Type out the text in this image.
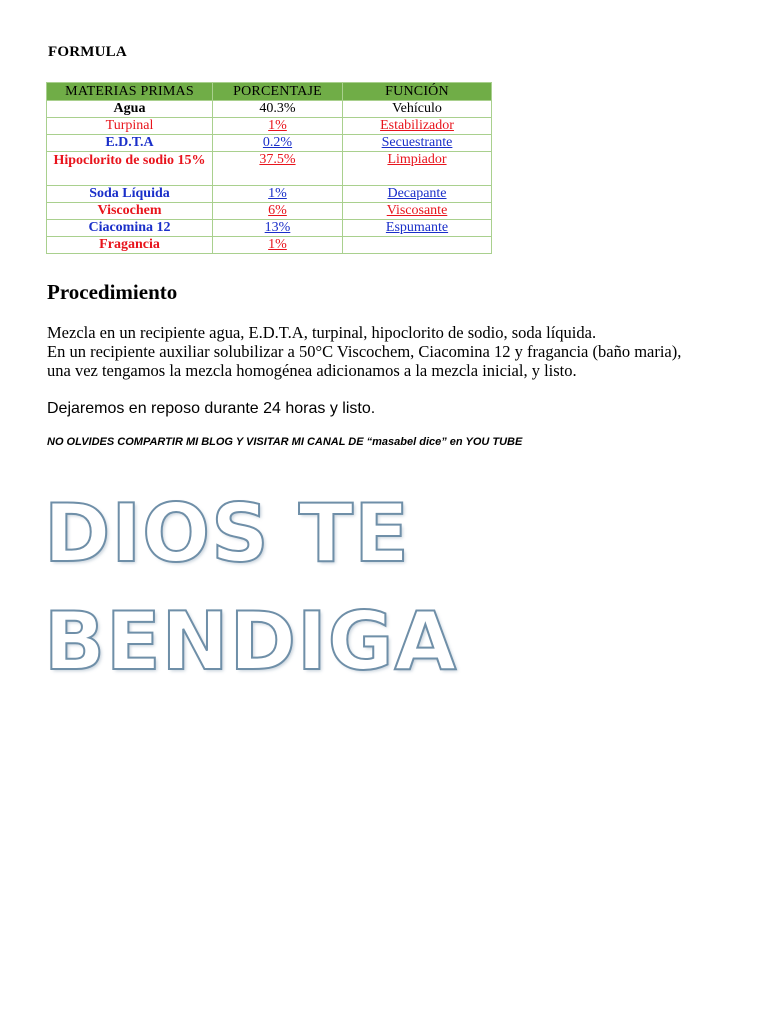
FORMULA
MATERIAS PRIMAS	PORCENTAJE	FUNCIÓN
Agua	40.3%	Vehículo
Turpinal	1%	Estabilizador
E.D.T.A	0.2%	Secuestrante
Hipoclorito de sodio 15%	37.5%	Limpiador
Soda Líquida	1%	Decapante
Viscochem	6%	Viscosante
Ciacomina 12	13%	Espumante
Fragancia	1%	
Procedimiento
Mezcla en un recipiente agua, E.D.T.A, turpinal, hipoclorito de sodio, soda líquida.
En un recipiente auxiliar solubilizar a 50°C Viscochem, Ciacomina 12 y fragancia (baño maria),
una vez tengamos la mezcla homogénea adicionamos a la mezcla inicial, y listo.
Dejaremos en reposo durante 24 horas y listo.
NO OLVIDES COMPARTIR MI BLOG Y VISITAR MI CANAL DE “masabel dice” en YOU TUBE
DIOS TE
BENDIGA
